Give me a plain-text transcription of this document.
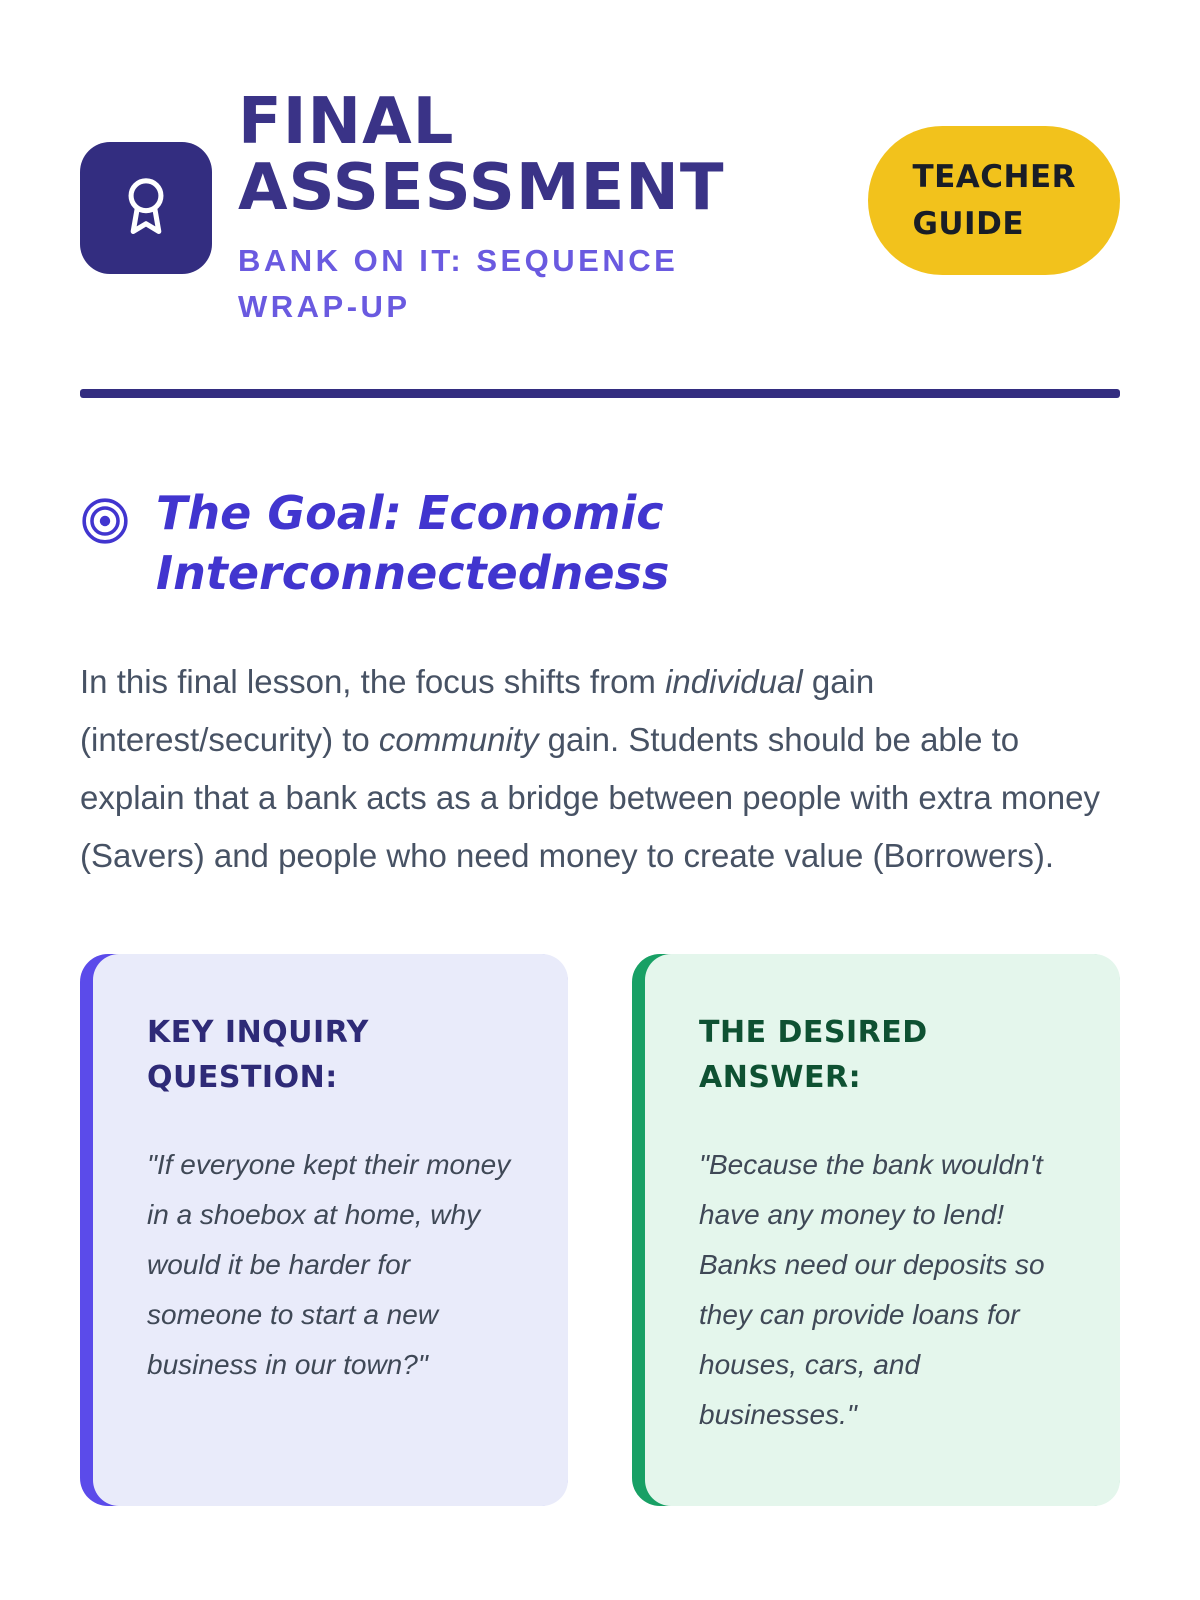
FINAL
ASSESSMENT
BANK ON IT: SEQUENCE WRAP-UP
TEACHER
GUIDE
The Goal: Economic Interconnectedness

In this final lesson, the focus shifts from individual gain (interest/security) to community gain. Students should be able to explain that a bank acts as a bridge between people with extra money (Savers) and people who need money to create value (Borrowers).

KEY INQUIRY QUESTION:

"If everyone kept their money in a shoebox at home, why would it be harder for someone to start a new business in our town?"

THE DESIRED ANSWER:

"Because the bank wouldn't have any money to lend! Banks need our deposits so they can provide loans for houses, cars, and businesses."
